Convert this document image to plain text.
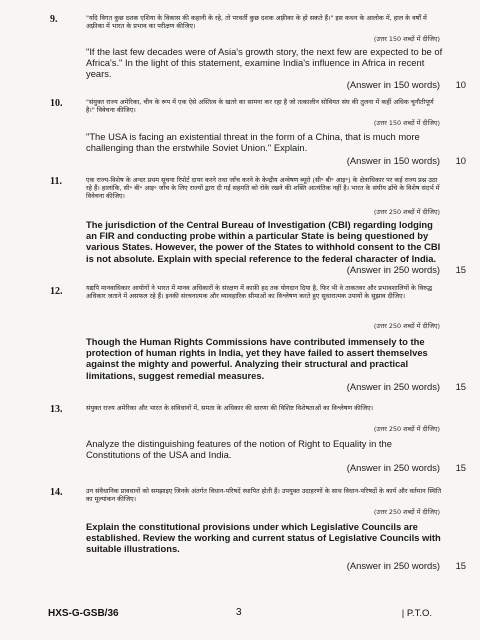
9.	"यदि विगत कुछ दशक एशिया के विकास की कहानी के रहे, तो परवर्ती कुछ दशक अफ़्रीका के हो सकते हैं।" इस कथन के आलोक में, हाल के वर्षों में अफ़्रीका में भारत के प्रभाव का परीक्षण कीजिए।

(उत्तर 150 शब्दों में दीजिए)

"If the last few decades were of Asia's growth story, the next few are expected to be of Africa's." In the light of this statement, examine India's influence in Africa in recent years.

(Answer in 150 words)	10
10.	"संयुक्त राज्य अमेरिका, चीन के रूप में एक ऐसे अस्तित्व के खतरे का सामना कर रहा है जो तत्कालीन सोवियत संघ की तुलना में कहीं अधिक चुनौतीपूर्ण है।" विवेचना कीजिए।

(उत्तर 150 शब्दों में दीजिए)

"The USA is facing an existential threat in the form of a China, that is much more challenging than the erstwhile Soviet Union." Explain.

(Answer in 150 words)	10
11.	एक राज्य-विशेष के अन्दर प्रथम सूचना रिपोर्ट दायर करने तथा जाँच करने के केन्द्रीय अन्वेषण ब्यूरो (सी॰ बी॰ आइ॰) के क्षेत्राधिकार पर कई राज्य प्रश्न उठा रहे हैं। हालांकि, सी॰ बी॰ आइ॰ जाँच के लिए राज्यों द्वारा दी गई सहमति को रोके रखने की शक्ति आत्यंतिक नहीं है। भारत के संघीय ढाँचे के विशेष संदर्भ में विवेचना कीजिए।

(उत्तर 250 शब्दों में दीजिए)

The jurisdiction of the Central Bureau of Investigation (CBI) regarding lodging an FIR and conducting probe within a particular State is being questioned by various States. However, the power of the States to withhold consent to the CBI is not absolute. Explain with special reference to the federal character of India.

(Answer in 250 words)	15
12.	यद्यपि मानवाधिकार आयोगों ने भारत में मानव अधिकारों के संरक्षण में काफ़ी हद तक योगदान दिया है, फिर भी वे ताकतवर और प्रभावशालियों के विरुद्ध अधिकार जताने में असफल रहे हैं। इनकी संरचनात्मक और व्यावहारिक सीमाओं का विश्लेषण करते हुए सुधारात्मक उपायों के सुझाव दीजिए।

(उत्तर 250 शब्दों में दीजिए)

Though the Human Rights Commissions have contributed immensely to the protection of human rights in India, yet they have failed to assert themselves against the mighty and powerful. Analyzing their structural and practical limitations, suggest remedial measures.

(Answer in 250 words)	15
13.	संयुक्त राज्य अमेरिका और भारत के संविधानों में, समता के अधिकार की धारणा की विशिष्ट विशेषताओं का विश्लेषण कीजिए।

(उत्तर 250 शब्दों में दीजिए)

Analyze the distinguishing features of the notion of Right to Equality in the Constitutions of the USA and India.

(Answer in 250 words)	15
14.	उन संवैधानिक प्रावधानों को समझाइए जिनके अंतर्गत विधान-परिषदें स्थापित होती हैं। उपयुक्त उदाहरणों के साथ विधान-परिषदों के कार्य और वर्तमान स्थिति का मूल्यांकन कीजिए।

(उत्तर 250 शब्दों में दीजिए)

Explain the constitutional provisions under which Legislative Councils are established. Review the working and current status of Legislative Councils with suitable illustrations.

(Answer in 250 words)	15
HXS-G-GSB/36	3	| P.T.O.
